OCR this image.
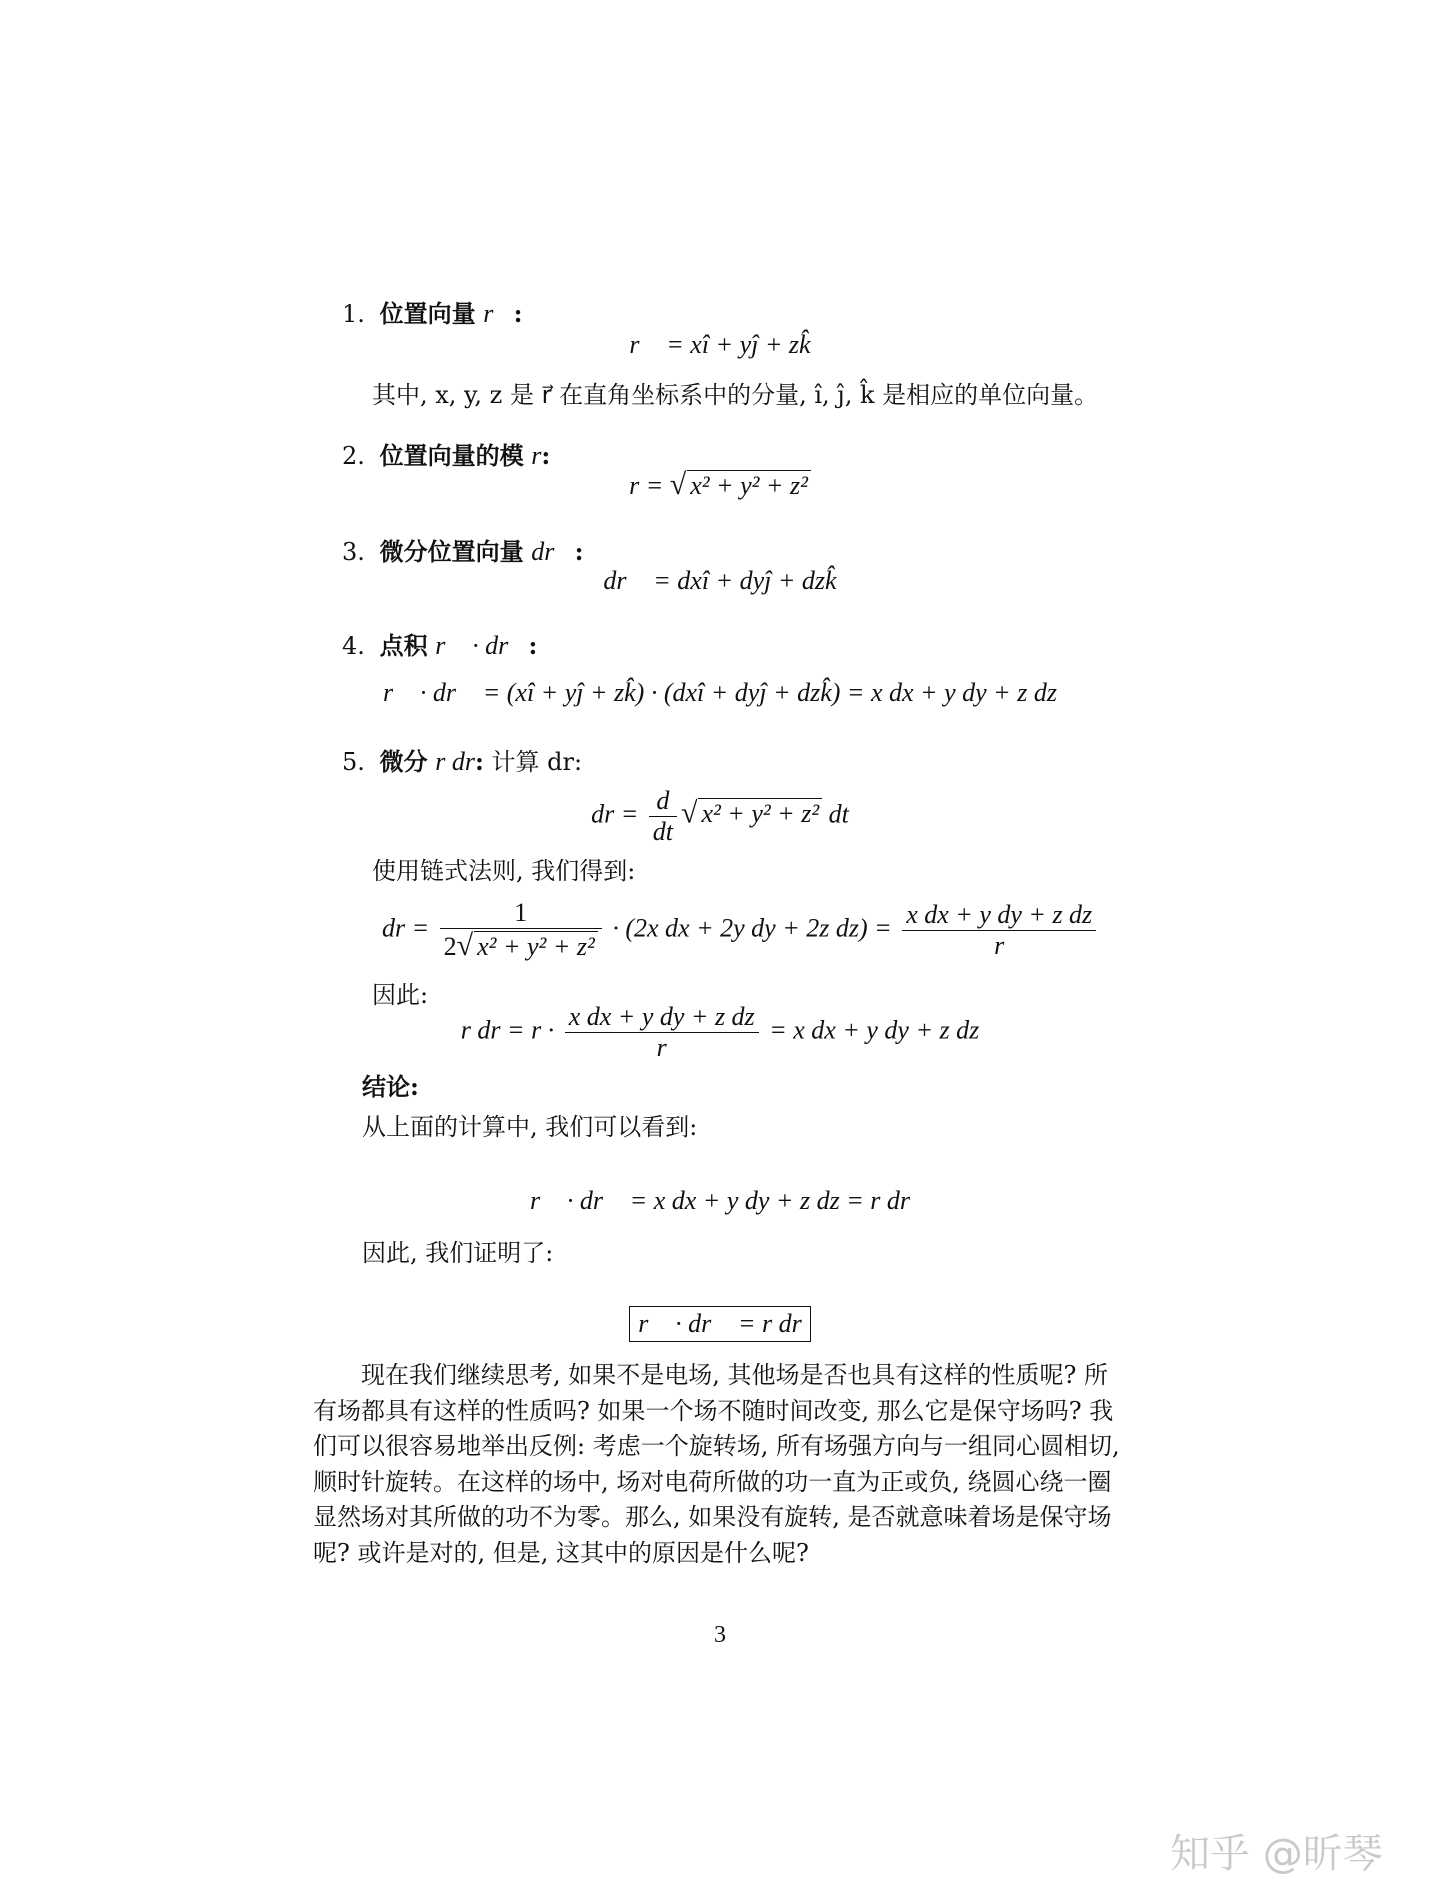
1. 位置向量 r⃗:
r⃗ = xî + yĵ + zk̂
其中, x, y, z 是 r⃗ 在直角坐标系中的分量, î, ĵ, k̂ 是相应的单位向量。
2. 位置向量的模 r:
r = √ x² + y² + z²
3. 微分位置向量 dr⃗:
dr⃗ = dxî + dyĵ + dzk̂
4. 点积 r⃗ · dr⃗:
r⃗ · dr⃗ = (xî + yĵ + zk̂) · (dxî + dyĵ + dzk̂) = x dx + y dy + z dz
5. 微分 r dr: 计算 dr:
dr = $\frac{d}{dt}$ √ x² + y² + z² dt
使用链式法则, 我们得到:
dr = $\frac{1}{\text{2√ x² + y² + z²}} \cdot (2x$ dx + 2y dy + 2z $dz) = \frac{\text{x dx + y dy + z dz}}{r}$
因此:
r dr = $r \cdot \frac{\text{x dx + y dy + z dz}}{r} = x$ dx + y dy + z dz
结论:
从上面的计算中, 我们可以看到:
r⃗ · dr⃗ = x dx + y dy + z dz = r dr
因此, 我们证明了:
r⃗ · dr⃗ = r dr
现在我们继续思考, 如果不是电场, 其他场是否也具有这样的性质呢? 所有场都具有这样的性质吗? 如果一个场不随时间改变, 那么它是保守场吗? 我们可以很容易地举出反例: 考虑一个旋转场, 所有场强方向与一组同心圆相切, 顺时针旋转。在这样的场中, 场对电荷所做的功一直为正或负, 绕圆心绕一圈显然场对其所做的功不为零。那么, 如果没有旋转, 是否就意味着场是保守场呢? 或许是对的, 但是, 这其中的原因是什么呢?
3
知乎 @昕琴
